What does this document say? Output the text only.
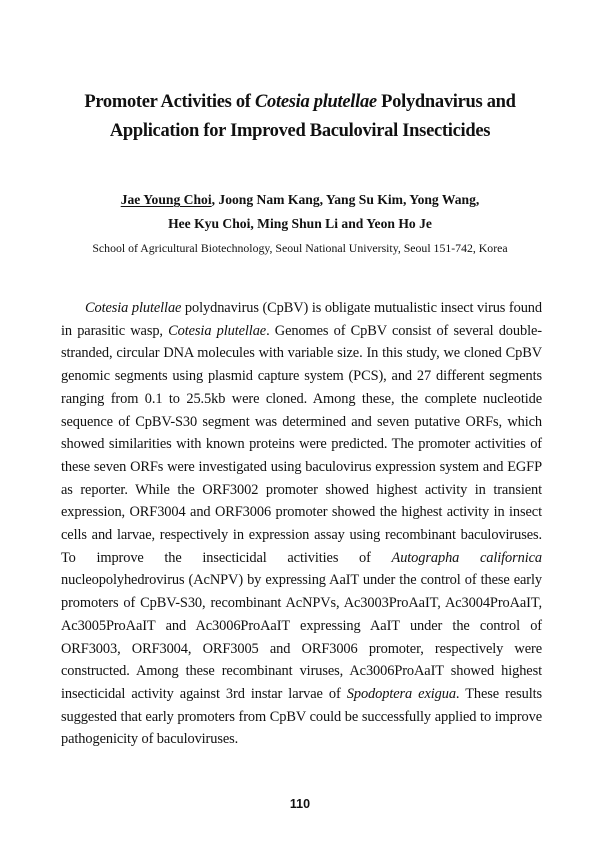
Promoter Activities of Cotesia plutellae Polydnavirus and
Application for Improved Baculoviral Insecticides
Jae Young Choi, Joong Nam Kang, Yang Su Kim, Yong Wang,
Hee Kyu Choi, Ming Shun Li and Yeon Ho Je
School of Agricultural Biotechnology, Seoul National University, Seoul 151-742, Korea
Cotesia plutellae polydnavirus (CpBV) is obligate mutualistic insect virus found in parasitic wasp, Cotesia plutellae. Genomes of CpBV consist of several double-stranded, circular DNA molecules with variable size. In this study, we cloned CpBV genomic segments using plasmid capture system (PCS), and 27 different segments ranging from 0.1 to 25.5kb were cloned. Among these, the complete nucleotide sequence of CpBV-S30 segment was determined and seven putative ORFs, which showed similarities with known proteins were predicted. The promoter activities of these seven ORFs were investigated using baculovirus expression system and EGFP as reporter. While the ORF3002 promoter showed highest activity in transient expression, ORF3004 and ORF3006 promoter showed the highest activity in insect cells and larvae, respectively in expression assay using recombinant baculoviruses. To improve the insecticidal activities of Autographa californica nucleopolyhedrovirus (AcNPV) by expressing AaIT under the control of these early promoters of CpBV-S30, recombinant AcNPVs, Ac3003ProAaIT, Ac3004ProAaIT, Ac3005ProAaIT and Ac3006ProAaIT expressing AaIT under the control of ORF3003, ORF3004, ORF3005 and ORF3006 promoter, respectively were constructed. Among these recombinant viruses, Ac3006ProAaIT showed highest insecticidal activity against 3rd instar larvae of Spodoptera exigua. These results suggested that early promoters from CpBV could be successfully applied to improve pathogenicity of baculoviruses.
110
